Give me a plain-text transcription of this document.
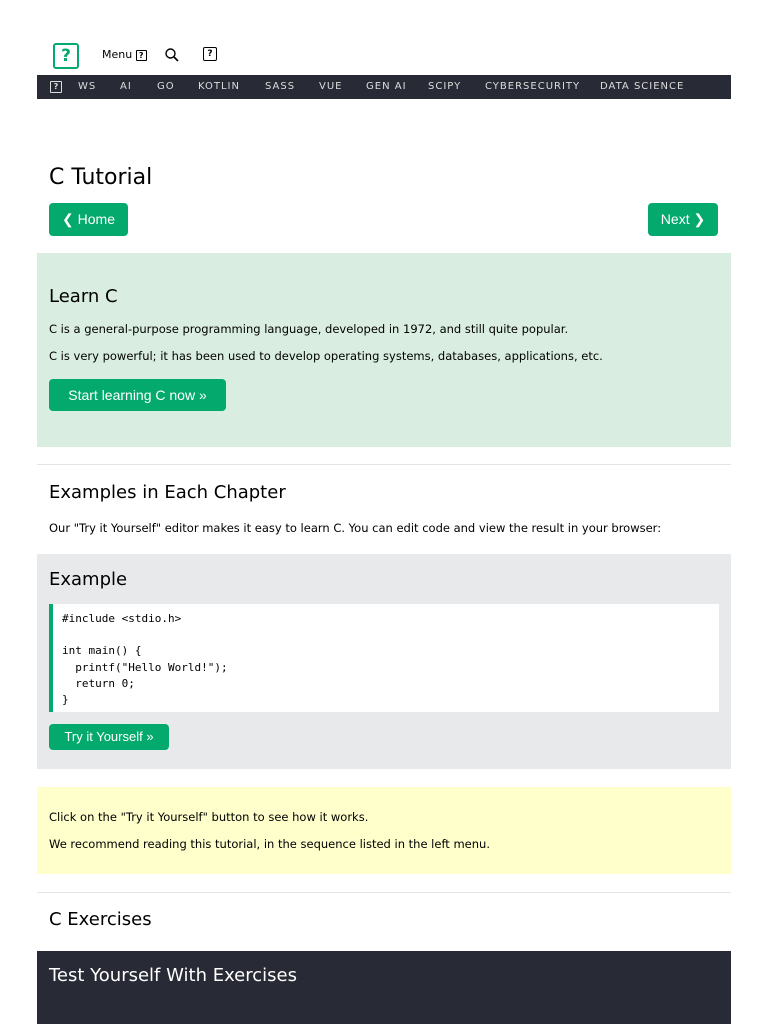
?	Menu ?	?
?	WS AI	GO KOTLIN	SASS VUE GEN AI SCIPY CYBERSECURITY DATA SCIENCE
C Tutorial
❮ Home	Next ❯
Learn C
C is a general-purpose programming language, developed in 1972, and still quite popular.
C is very powerful; it has been used to develop operating systems, databases, applications, etc.
Start learning C now »
Examples in Each Chapter
Our "Try it Yourself" editor makes it easy to learn C. You can edit code and view the result in your browser:
Example
#include <stdio.h>

int main() {
printf("Hello World!");
return 0;
}
Try it Yourself »
Click on the "Try it Yourself" button to see how it works.
We recommend reading this tutorial, in the sequence listed in the left menu.
C Exercises
Test Yourself With Exercises
